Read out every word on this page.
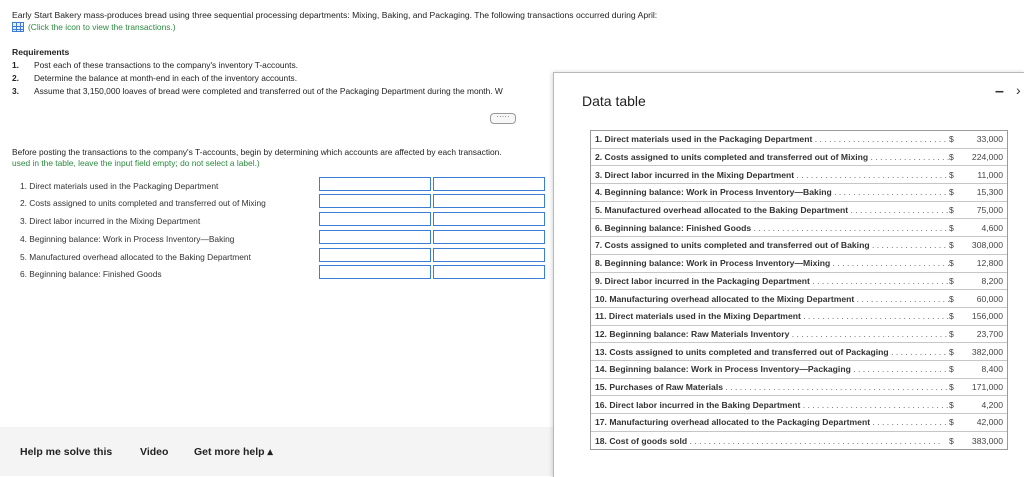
Early Start Bakery mass-produces bread using three sequential processing departments: Mixing, Baking, and Packaging. The following transactions occurred during April:
(Click the icon to view the transactions.)
Requirements
1. Post each of these transactions to the company's inventory T-accounts.
2. Determine the balance at month-end in each of the inventory accounts.
3. Assume that 3,150,000 loaves of bread were completed and transferred out of the Packaging Department during the month. W
·····
Before posting the transactions to the company's T-accounts, begin by determining which accounts are affected by each transaction.
used in the table, leave the input field empty; do not select a label.)
1. Direct materials used in the Packaging Department
2. Costs assigned to units completed and transferred out of Mixing
3. Direct labor incurred in the Mixing Department
4. Beginning balance: Work in Process Inventory—Baking
5. Manufactured overhead allocated to the Baking Department
6. Beginning balance: Finished Goods
Help me solve this	Video Get more help ▴
Data table
– ›
1. Direct materials used in the Packaging Department . . .	$	33,000
2. Costs assigned to units completed and transferred out of Mixing . . .	$	224,000
3. Direct labor incurred in the Mixing Department . . .	$	11,000
4. Beginning balance: Work in Process Inventory—Baking . . .	$	15,300
5. Manufactured overhead allocated to the Baking Department . . .	$	75,000
6. Beginning balance: Finished Goods . . .	$	4,600
7. Costs assigned to units completed and transferred out of Baking . . .	$	308,000
8. Beginning balance: Work in Process Inventory—Mixing . . .	$	12,800
9. Direct labor incurred in the Packaging Department . . .	$	8,200
10. Manufacturing overhead allocated to the Mixing Department . . .	$	60,000
11. Direct materials used in the Mixing Department . . .	$	156,000
12. Beginning balance: Raw Materials Inventory . . .	$	23,700
13. Costs assigned to units completed and transferred out of Packaging . . .	$	382,000
14. Beginning balance: Work in Process Inventory—Packaging . . .	$	8,400
15. Purchases of Raw Materials . . .	$	171,000
16. Direct labor incurred in the Baking Department . . .	$	4,200
17. Manufacturing overhead allocated to the Packaging Department . . .	$	42,000
18. Cost of goods sold . . .	$	383,000
